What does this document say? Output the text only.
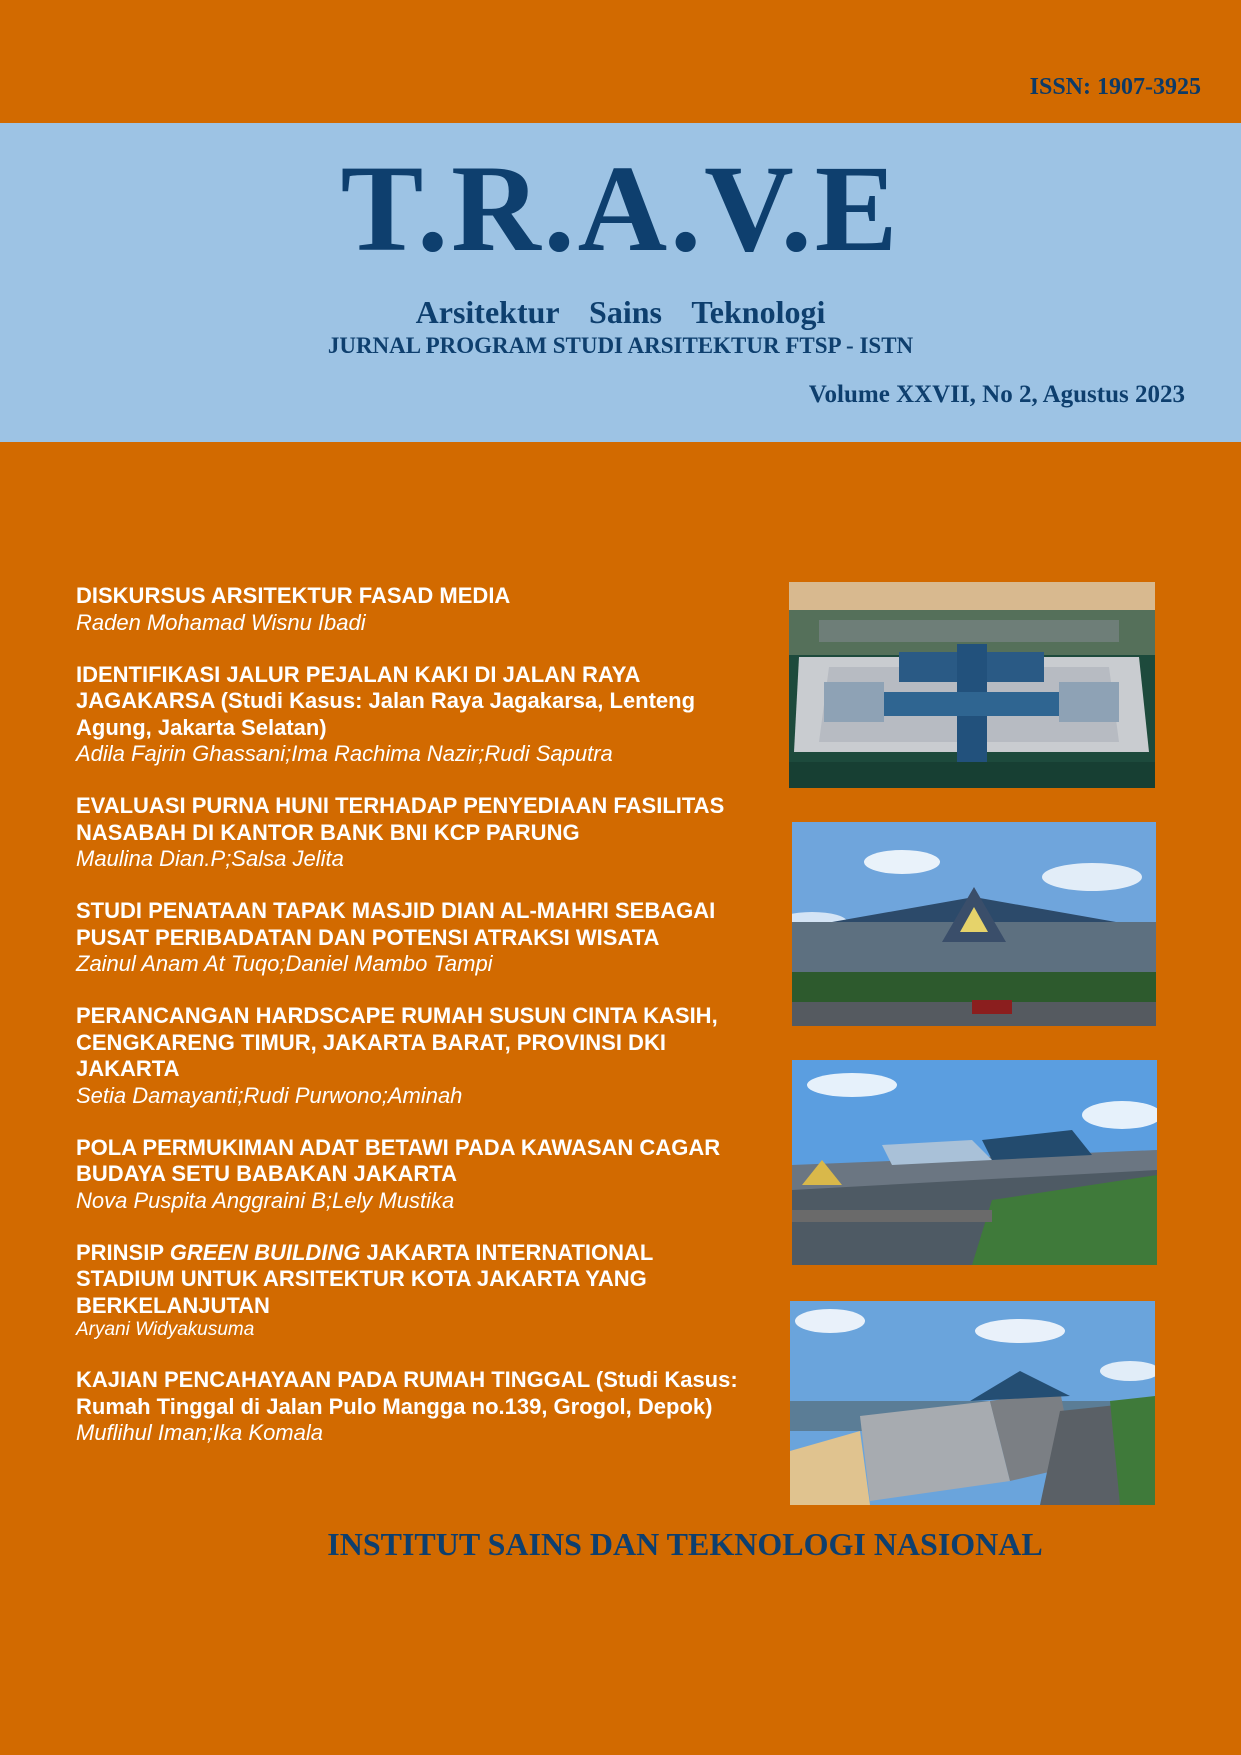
ISSN: 1907-3925
T.R.A.V.E
Arsitektur Sains Teknologi
JURNAL PROGRAM STUDI ARSITEKTUR FTSP - ISTN
Volume XXVII, No 2, Agustus 2023
DISKURSUS ARSITEKTUR FASAD MEDIA
Raden Mohamad Wisnu Ibadi
IDENTIFIKASI JALUR PEJALAN KAKI DI JALAN RAYA JAGAKARSA (Studi Kasus: Jalan Raya Jagakarsa, Lenteng Agung, Jakarta Selatan)
Adila Fajrin Ghassani;Ima Rachima Nazir;Rudi Saputra
EVALUASI PURNA HUNI TERHADAP PENYEDIAAN FASILITAS NASABAH DI KANTOR BANK BNI KCP PARUNG
Maulina Dian.P;Salsa Jelita
STUDI PENATAAN TAPAK MASJID DIAN AL-MAHRI SEBAGAI PUSAT PERIBADATAN DAN POTENSI ATRAKSI WISATA
Zainul Anam At Tuqo;Daniel Mambo Tampi
PERANCANGAN HARDSCAPE RUMAH SUSUN CINTA KASIH, CENGKARENG TIMUR, JAKARTA BARAT, PROVINSI DKI JAKARTA
Setia Damayanti;Rudi Purwono;Aminah
POLA PERMUKIMAN ADAT BETAWI PADA KAWASAN CAGAR BUDAYA SETU BABAKAN JAKARTA
Nova Puspita Anggraini B;Lely Mustika
PRINSIP GREEN BUILDING JAKARTA INTERNATIONAL STADIUM UNTUK ARSITEKTUR KOTA JAKARTA YANG BERKELANJUTAN
Aryani Widyakusuma
KAJIAN PENCAHAYAAN PADA RUMAH TINGGAL (Studi Kasus: Rumah Tinggal di Jalan Pulo Mangga no.139, Grogol, Depok)
Muflihul Iman;Ika Komala
INSTITUT SAINS DAN TEKNOLOGI NASIONAL
